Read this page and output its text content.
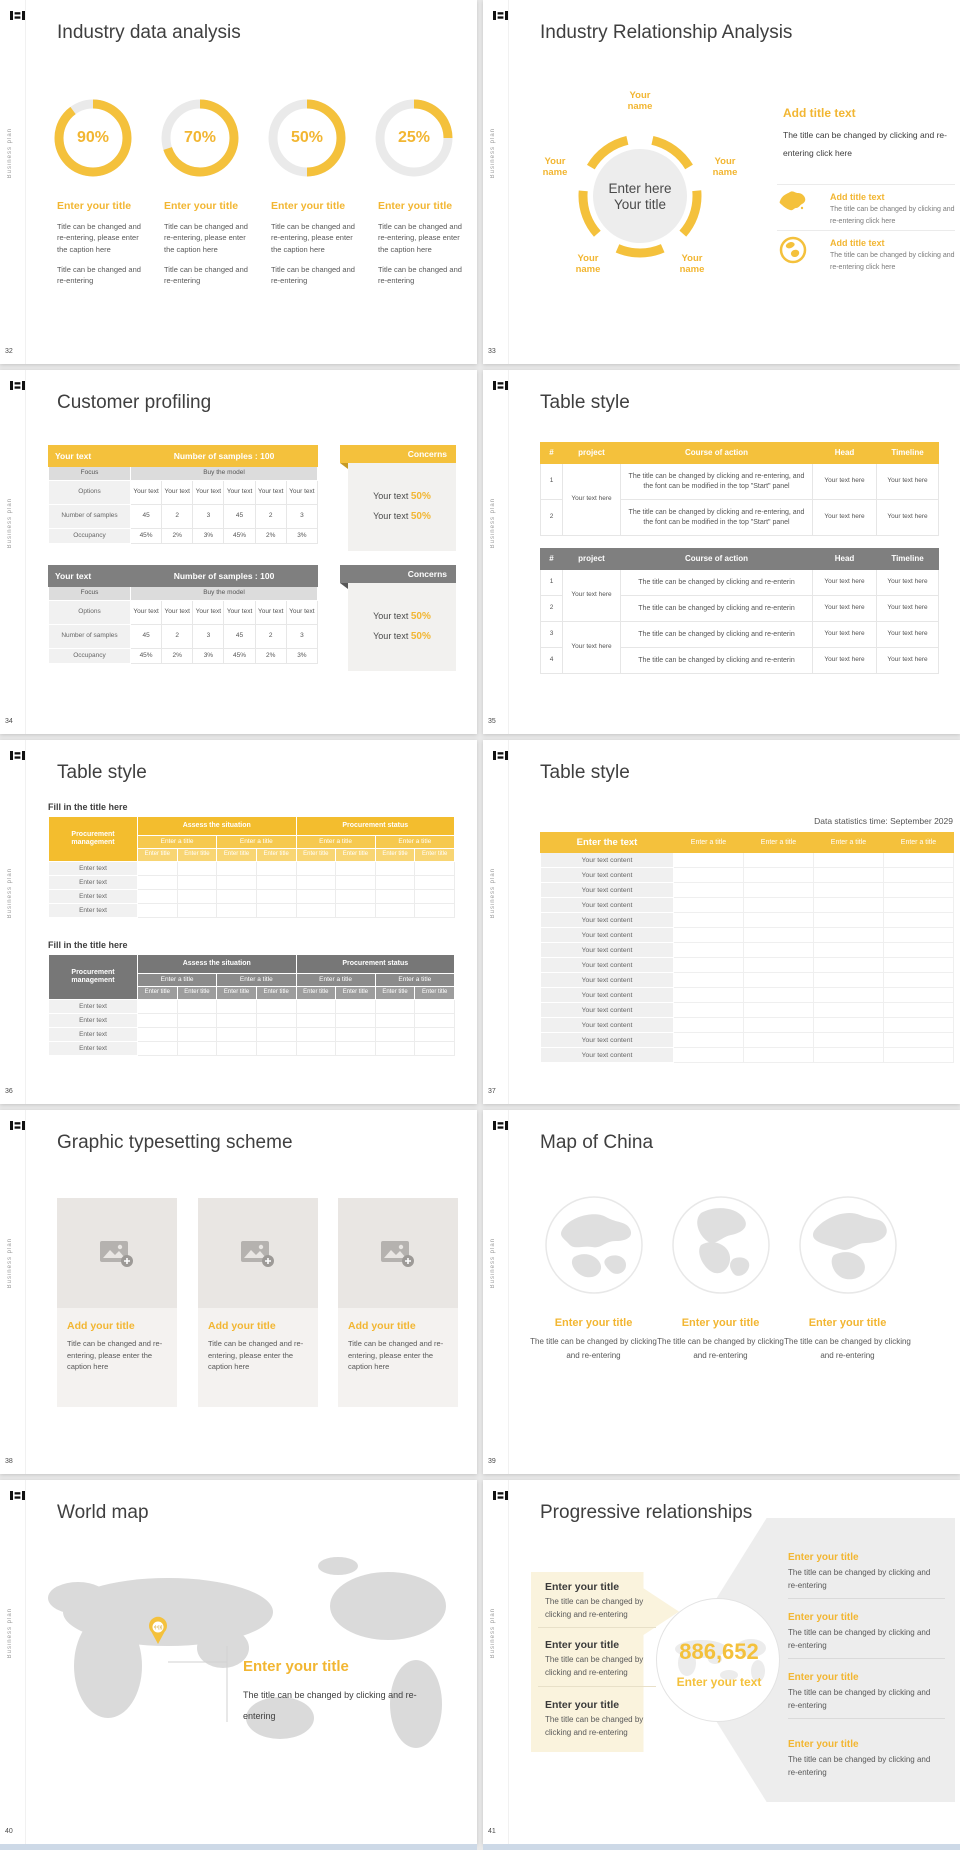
Business plan
Industry data analysis
90%
Enter your title
Title can be changed and re-entering, please enter the caption here
Title can be changed and re-entering
70%
Enter your title
Title can be changed and re-entering, please enter the caption here
Title can be changed and re-entering
50%
Enter your title
Title can be changed and re-entering, please enter the caption here
Title can be changed and re-entering
25%
Enter your title
Title can be changed and re-entering, please enter the caption here
Title can be changed and re-entering
32
Business plan
Industry Relationship Analysis
Enter here
Your title
Your name
Your name
Your name
Your name
Your name
Add title text
The title can be changed by clicking and re-entering click here
Add title text
The title can be changed by clicking and re-entering click here
Add title text
The title can be changed by clicking and re-entering click here
33
Business plan
Customer profiling
Your text	Number of samples : 100					
Focus	Buy the model					
Options	Your text	Your text	Your text	Your text	Your text	Your text
Number of samples	45	2	3	45	2	3
Occupancy	45%	2%	3%	45%	2%	3%
Concerns
Your text 50%
Your text 50%
Your text	Number of samples : 100					
Focus	Buy the model					
Options	Your text	Your text	Your text	Your text	Your text	Your text
Number of samples	45	2	3	45	2	3
Occupancy	45%	2%	3%	45%	2%	3%
Concerns
Your text 50%
Your text 50%
34
Business plan
Table style
#	project	Course of action	Head	Timeline
1	Your text here	The title can be changed by clicking and re-entering, and the font can be modified in the top "Start" panel	Your text here	Your text here
2		The title can be changed by clicking and re-entering, and the font can be modified in the top "Start" panel	Your text here	Your text here
#	project	Course of action	Head	Timeline
1	Your text here	The title can be changed by clicking and re-enterin	Your text here	Your text here
2		The title can be changed by clicking and re-enterin	Your text here	Your text here
3	Your text here	The title can be changed by clicking and re-enterin	Your text here	Your text here
4		The title can be changed by clicking and re-enterin	Your text here	Your text here
35
Business plan
Table style
Fill in the title here
Procurement management	Assess the situation				Procurement status			
	Enter a title		Enter a title		Enter a title		Enter a title	
	Enter title	Enter title	Enter title	Enter title	Enter title	Enter title	Enter title	Enter title
Enter text								
Enter text								
Enter text								
Enter text								
Fill in the title here
Procurement management	Assess the situation				Procurement status			
	Enter a title		Enter a title		Enter a title		Enter a title	
	Enter title	Enter title	Enter title	Enter title	Enter title	Enter title	Enter title	Enter title
Enter text								
Enter text								
Enter text								
Enter text								
36
Business plan
Table style
Data statistics time: September 2029
Enter the text	Enter a title	Enter a title	Enter a title	Enter a title
Your text content				
Your text content				
Your text content				
Your text content				
Your text content				
Your text content				
Your text content				
Your text content				
Your text content				
Your text content				
Your text content				
Your text content				
Your text content				
Your text content				
37
Business plan
Graphic typesetting scheme
Add your title
Title can be changed and re-entering, please enter the caption here
Add your title
Title can be changed and re-entering, please enter the caption here
Add your title
Title can be changed and re-entering, please enter the caption here
38
Business plan
Map of China
Enter your title
The title can be changed by clicking and re-entering
Enter your title
The title can be changed by clicking and re-entering
Enter your title
The title can be changed by clicking and re-entering
39
Business plan
World map
中国
Enter your title
The title can be changed by clicking and re-entering
40
Business plan
Progressive relationships
Enter your title
The title can be changed by clicking and re-entering
Enter your title
The title can be changed by clicking and re-entering
Enter your title
The title can be changed by clicking and re-entering
886,652
Enter your text
Enter your title
The title can be changed by clicking and re-entering
Enter your title
The title can be changed by clicking and re-entering
Enter your title
The title can be changed by clicking and re-entering
Enter your title
The title can be changed by clicking and re-entering
41
